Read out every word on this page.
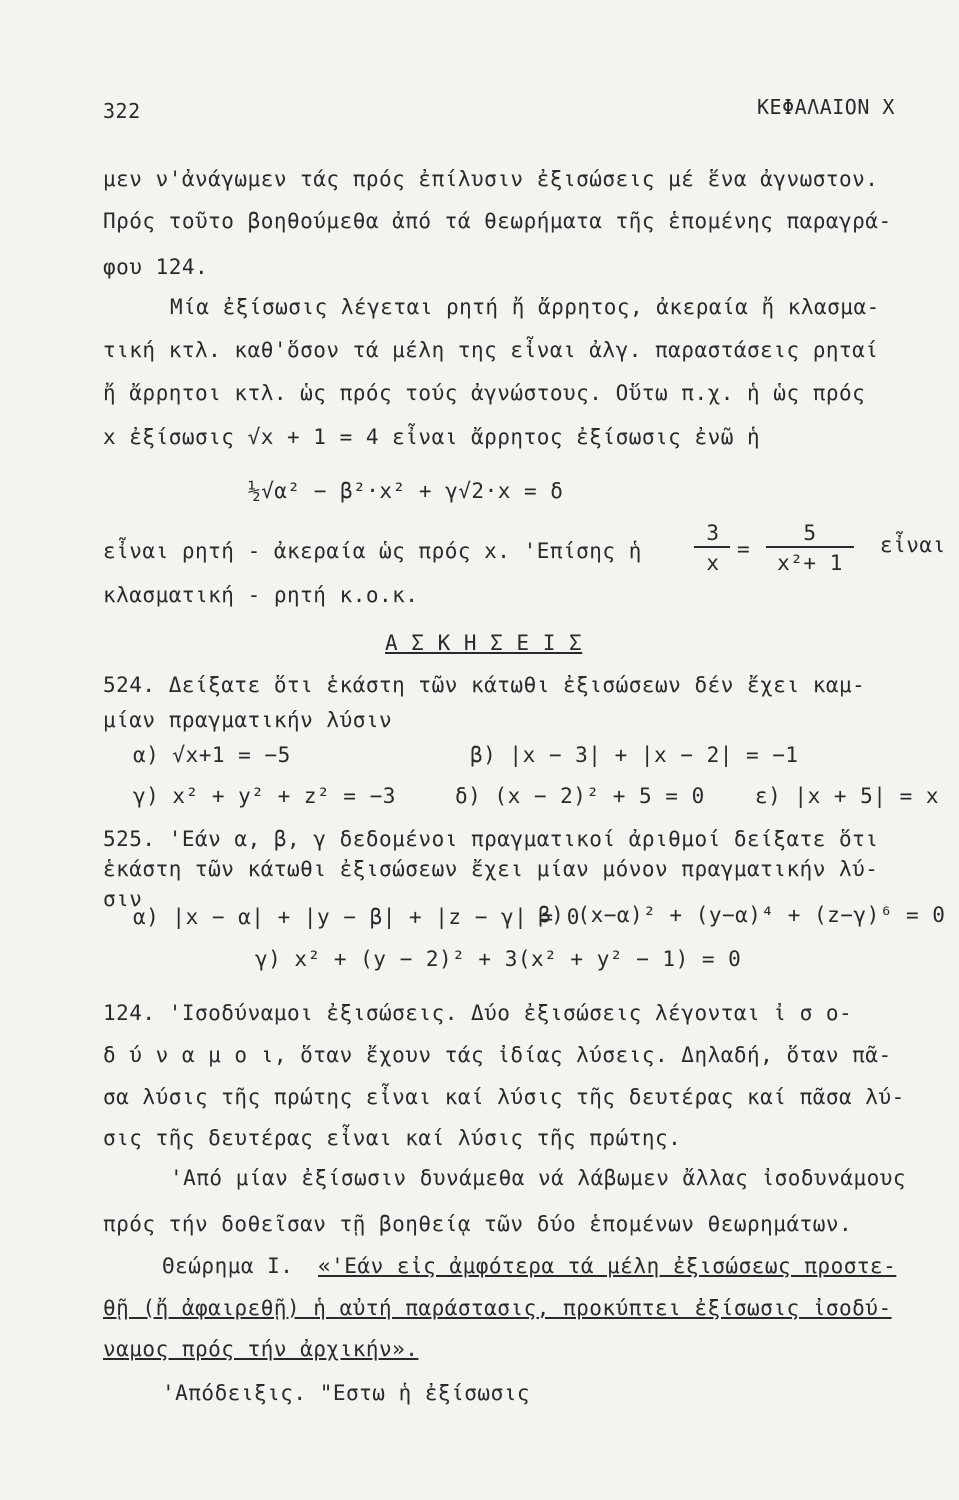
322	ΚΕΦΑΛΑΙΟΝ Χ
μεν ν'ἀνάγωμεν τάς πρός ἐπίλυσιν ἐξισώσεις μέ ἕνα ἀγνωστον.
Πρός τοῦτο βοηθούμεθα ἀπό τά θεωρήματα τῆς ἑπομένης παραγρά-
φου 124.
Μία ἐξίσωσις λέγεται ρητή ἤ ἄρρητος, ἀκεραία ἤ κλασμα-
τική κτλ. καθ'ὅσον τά μέλη της εἶναι ἀλγ. παραστάσεις ρηταί
ἤ ἄρρητοι κτλ. ὡς πρός τούς ἀγνώστους. Οὕτω π.χ. ἡ ὡς πρός
x ἐξίσωσις √x + 1 = 4 εἶναι ἄρρητος ἐξίσωσις ἐνῶ ἡ
½√α² − β²·x² + γ√2·x = δ
εἶναι ρητή - ἀκεραία ὡς πρός x. 'Επίσης ἡ
3
x
=
5
x²+ 1
εἶναι
κλασματική - ρητή κ.ο.κ.
Α Σ Κ Η Σ Ε Ι Σ
524. Δείξατε ὅτι ἑκάστη τῶν κάτωθι ἐξισώσεων δέν ἔχει καμ-
μίαν πραγματικήν λύσιν
α) √x+1 = −5	β) |x − 3| + |x − 2| = −1
γ) x² + y² + z² = −3	δ) (x − 2)² + 5 = 0 ε) |x + 5| = x
525. 'Εάν α, β, γ δεδομένοι πραγματικοί ἀριθμοί δείξατε ὅτι
ἑκάστη τῶν κάτωθι ἐξισώσεων ἔχει μίαν μόνον πραγματικήν λύ-
σιν
α) |x − α| + |y − β| + |z − γ| = 0
β) (x−α)² + (y−α)⁴ + (z−γ)⁶ = 0
γ) x² + (y − 2)² + 3(x² + y² − 1) = 0
124. 'Ισοδύναμοι ἐξισώσεις. Δύο ἐξισώσεις λέγονται ἰ σ ο-
δ ύ ν α μ ο ι, ὅταν ἔχουν τάς ἰδίας λύσεις. Δηλαδή, ὅταν πᾶ-
σα λύσις τῆς πρώτης εἶναι καί λύσις τῆς δευτέρας καί πᾶσα λύ-
σις τῆς δευτέρας εἶναι καί λύσις τῆς πρώτης.
'Από μίαν ἐξίσωσιν δυνάμεθα νά λάβωμεν ἄλλας ἰσοδυνάμους
πρός τήν δοθεῖσαν τῇ βοηθείᾳ τῶν δύο ἑπομένων θεωρημάτων.
Θεώρημα Ι. «'Εάν εἰς ἀμφότερα τά μέλη ἐξισώσεως προστε-
θῇ (ἤ ἀφαιρεθῇ) ἡ αὐτή παράστασις, προκύπτει ἐξίσωσις ἰσοδύ-
ναμος πρός τήν ἀρχικήν».
'Απόδειξις. "Εστω ἡ ἐξίσωσις
